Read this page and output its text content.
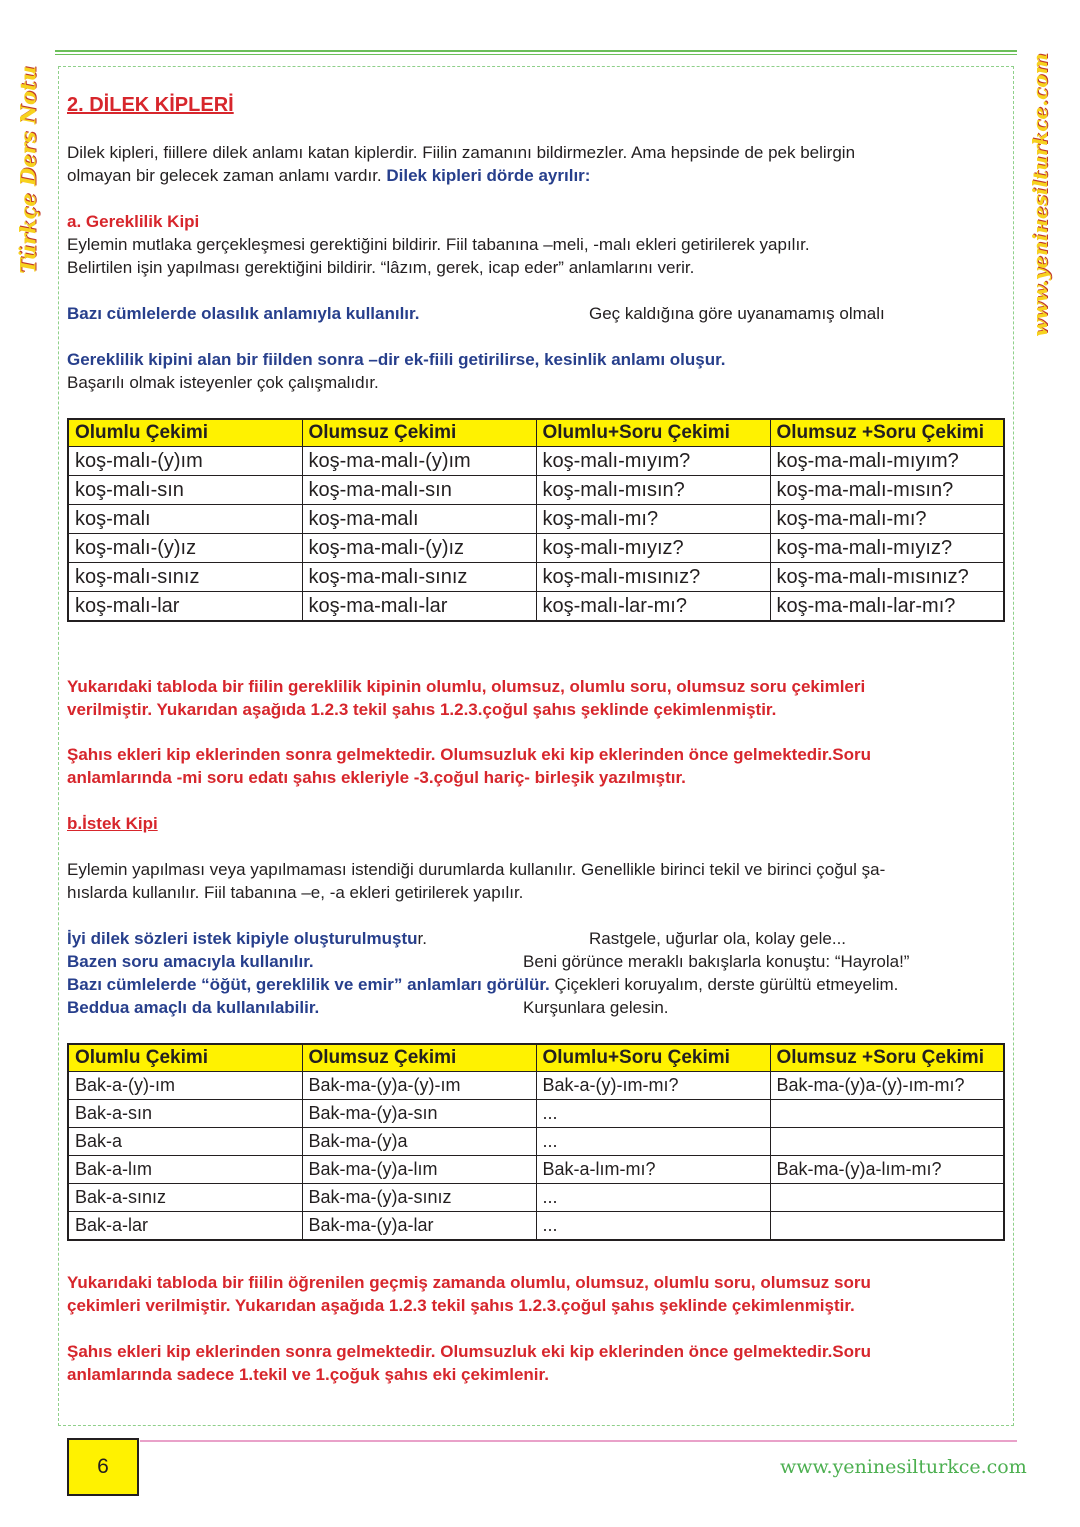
Türkçe Ders Notu	www.yenінesilturkce.com
2. DİLEK KİPLERİ
Dilek kipleri, fiillere dilek anlamı katan kiplerdir. Fiilin zamanını bildirmezler. Ama hepsinde de pek belirgin
olmayan bir gelecek zaman anlamı vardır. Dilek kipleri dörde ayrılır:
a. Gereklilik Kipi
Eylemin mutlaka gerçekleşmesi gerektiğini bildirir. Fiil tabanına –meli, -malı ekleri getirilerek yapılır.
Belirtilen işin yapılması gerektiğini bildirir. “lâzım, gerek, icap eder” anlamlarını verir.
Bazı cümlelerde olasılık anlamıyla kullanılır.	Geç kaldığına göre uyanamamış olmalı
Gereklilik kipini alan bir fiilden sonra –dir ek-fiili getirilirse, kesinlik anlamı oluşur.
Başarılı olmak isteyenler çok çalışmalıdır.
Olumlu Çekimi	Olumsuz Çekimi	Olumlu+Soru Çekimi	Olumsuz +Soru Çekimi
koş-malı-(y)ım	koş-ma-malı-(y)ım	koş-malı-mıyım?	koş-ma-malı-mıyım?
koş-malı-sın	koş-ma-malı-sın	koş-malı-mısın?	koş-ma-malı-mısın?
koş-malı	koş-ma-malı	koş-malı-mı?	koş-ma-malı-mı?
koş-malı-(y)ız	koş-ma-malı-(y)ız	koş-malı-mıyız?	koş-ma-malı-mıyız?
koş-malı-sınız	koş-ma-malı-sınız	koş-malı-mısınız?	koş-ma-malı-mısınız?
koş-malı-lar	koş-ma-malı-lar	koş-malı-lar-mı?	koş-ma-malı-lar-mı?
Yukarıdaki tabloda bir fiilin gereklilik kipinin olumlu, olumsuz, olumlu soru, olumsuz soru çekimleri
verilmiştir. Yukarıdan aşağıda 1.2.3 tekil şahıs 1.2.3.çoğul şahıs şeklinde çekimlenmiştir.
Şahıs ekleri kip eklerinden sonra gelmektedir. Olumsuzluk eki kip eklerinden önce gelmektedir.Soru
anlamlarında -mi soru edatı şahıs ekleriyle -3.çoğul hariç- birleşik yazılmıştır.
b.İstek Kipi
Eylemin yapılması veya yapılmaması istendiği durumlarda kullanılır. Genellikle birinci tekil ve birinci çoğul şa-
hıslarda kullanılır. Fiil tabanına –e, -a ekleri getirilerek yapılır.
İyi dilek sözleri istek kipiyle oluşturulmuştur.	Rastgele, uğurlar ola, kolay gele...
Bazen soru amacıyla kullanılır.	Beni görünce meraklı bakışlarla konuştu: “Hayrola!”
Bazı cümlelerde “öğüt, gereklilik ve emir” anlamları görülür. Çiçekleri koruyalım, derste gürültü etmeyelim.
Beddua amaçlı da kullanılabilir.	Kurşunlara gelesin.
Olumlu Çekimi	Olumsuz Çekimi	Olumlu+Soru Çekimi	Olumsuz +Soru Çekimi
Bak-a-(y)-ım	Bak-ma-(y)a-(y)-ım	Bak-a-(y)-ım-mı?	Bak-ma-(y)a-(y)-ım-mı?
Bak-a-sın	Bak-ma-(y)a-sın	...	
Bak-a	Bak-ma-(y)a	...	
Bak-a-lım	Bak-ma-(y)a-lım	Bak-a-lım-mı?	Bak-ma-(y)a-lım-mı?
Bak-a-sınız	Bak-ma-(y)a-sınız	...	
Bak-a-lar	Bak-ma-(y)a-lar	...	
Yukarıdaki tabloda bir fiilin öğrenilen geçmiş zamanda olumlu, olumsuz, olumlu soru, olumsuz soru
çekimleri verilmiştir. Yukarıdan aşağıda 1.2.3 tekil şahıs 1.2.3.çoğul şahıs şeklinde çekimlenmiştir.
Şahıs ekleri kip eklerinden sonra gelmektedir. Olumsuzluk eki kip eklerinden önce gelmektedir.Soru
anlamlarında sadece 1.tekil ve 1.çoğuk şahıs eki çekimlenir.
6	www.yeninesilturkce.com
